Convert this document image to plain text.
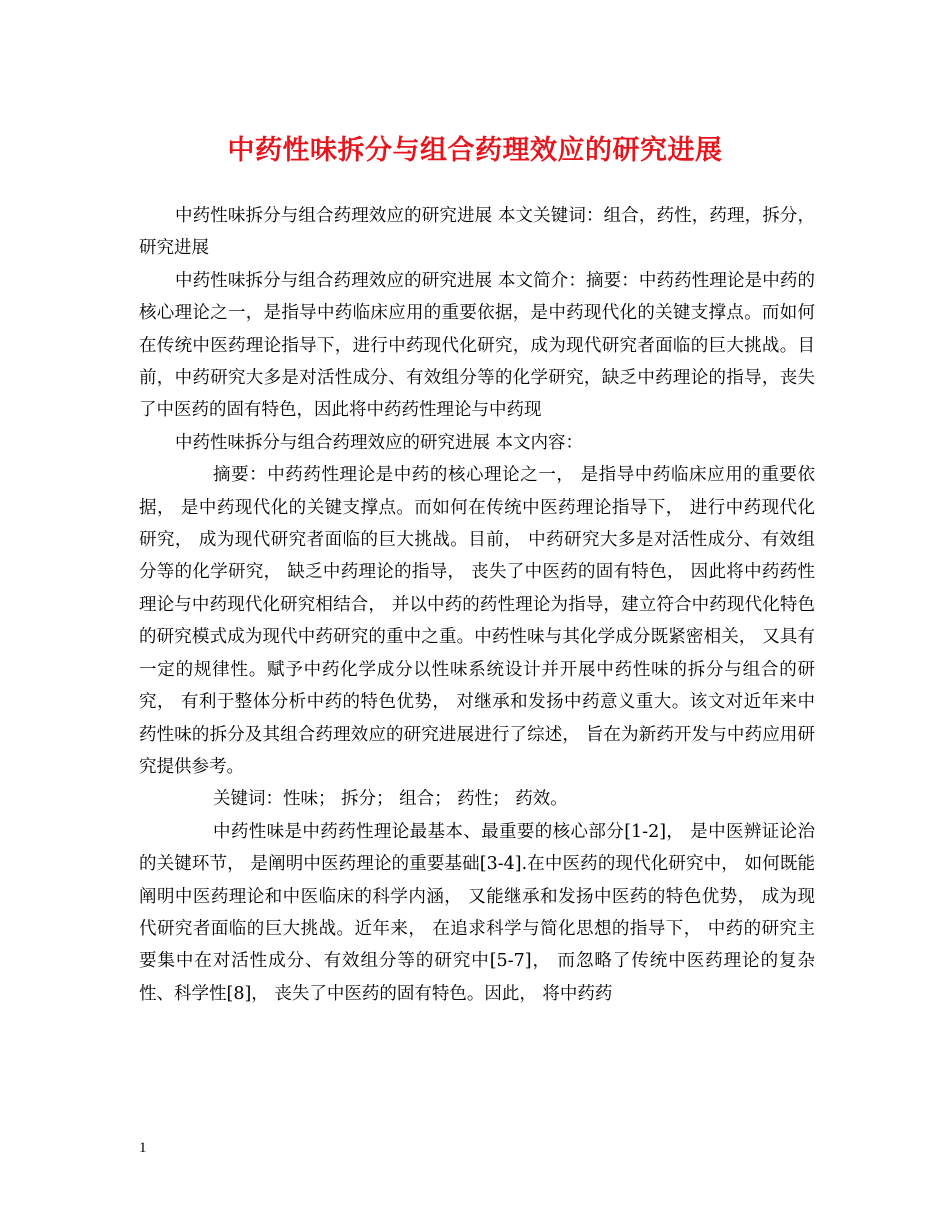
中药性味拆分与组合药理效应的研究进展

中药性味拆分与组合药理效应的研究进展 本文关键词：组合，药性，药理，拆分，研究进展

中药性味拆分与组合药理效应的研究进展 本文简介：摘要：中药药性理论是中药的核心理论之一，是指导中药临床应用的重要依据，是中药现代化的关键支撑点。而如何在传统中医药理论指导下，进行中药现代化研究，成为现代研究者面临的巨大挑战。目前，中药研究大多是对活性成分、有效组分等的化学研究，缺乏中药理论的指导，丧失了中医药的固有特色，因此将中药药性理论与中药现

中药性味拆分与组合药理效应的研究进展 本文内容：

摘要：中药药性理论是中药的核心理论之一， 是指导中药临床应用的重要依据， 是中药现代化的关键支撑点。而如何在传统中医药理论指导下， 进行中药现代化研究， 成为现代研究者面临的巨大挑战。目前， 中药研究大多是对活性成分、有效组分等的化学研究， 缺乏中药理论的指导， 丧失了中医药的固有特色， 因此将中药药性理论与中药现代化研究相结合， 并以中药的药性理论为指导，建立符合中药现代化特色的研究模式成为现代中药研究的重中之重。中药性味与其化学成分既紧密相关， 又具有一定的规律性。赋予中药化学成分以性味系统设计并开展中药性味的拆分与组合的研究， 有利于整体分析中药的特色优势， 对继承和发扬中药意义重大。该文对近年来中药性味的拆分及其组合药理效应的研究进展进行了综述， 旨在为新药开发与中药应用研究提供参考。

关键词：性味； 拆分； 组合； 药性； 药效。

中药性味是中药药性理论最基本、最重要的核心部分[1-2]， 是中医辨证论治的关键环节， 是阐明中医药理论的重要基础[3-4].在中医药的现代化研究中， 如何既能阐明中医药理论和中医临床的科学内涵， 又能继承和发扬中医药的特色优势， 成为现代研究者面临的巨大挑战。近年来， 在追求科学与简化思想的指导下， 中药的研究主要集中在对活性成分、有效组分等的研究中[5-7]， 而忽略了传统中医药理论的复杂性、科学性[8]， 丧失了中医药的固有特色。因此， 将中药药

1
